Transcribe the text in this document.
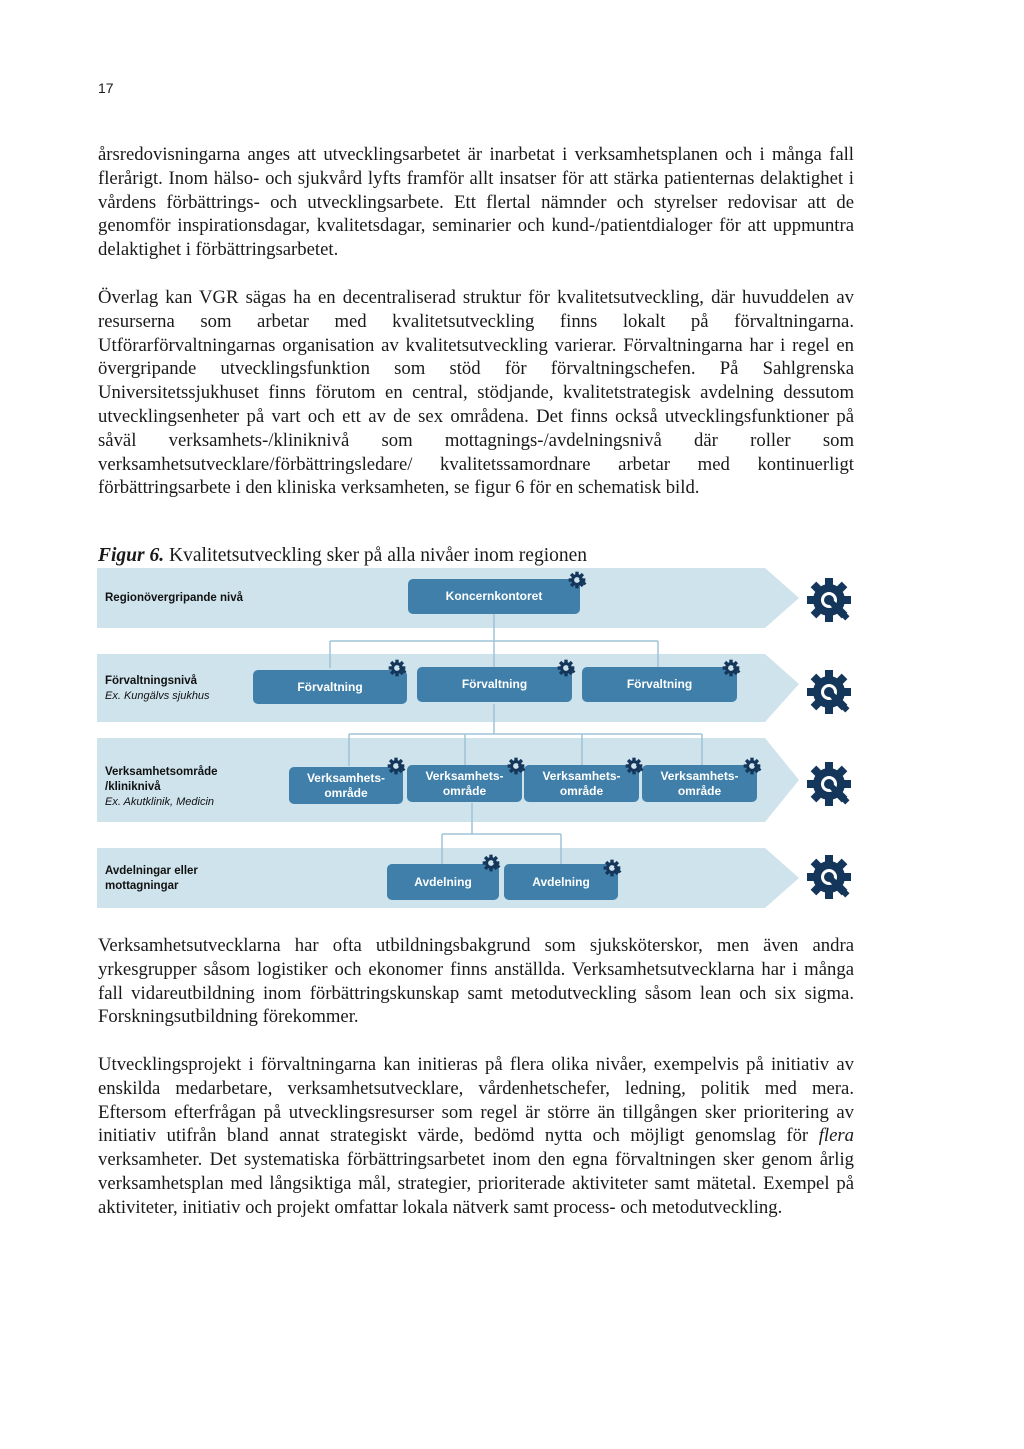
17

årsredovisningarna anges att utvecklingsarbetet är inarbetat i verksamhetsplanen och i många fall flerårigt. Inom hälso- och sjukvård lyfts framför allt insatser för att stärka patienternas delaktighet i vårdens förbättrings- och utvecklingsarbete. Ett flertal nämnder och styrelser redovisar att de genomför inspirationsdagar, kvalitetsdagar, seminarier och kund-/patientdialoger för att uppmuntra delaktighet i förbättringsarbetet.

Överlag kan VGR sägas ha en decentraliserad struktur för kvalitetsutveckling, där huvuddelen av resurserna som arbetar med kvalitetsutveckling finns lokalt på förvaltningarna. Utförarförvaltningarnas organisation av kvalitetsutveckling varierar. Förvaltningarna har i regel en övergripande utvecklingsfunktion som stöd för förvaltningschefen. På Sahlgrenska Universitetssjukhuset finns förutom en central, stödjande, kvalitetstrategisk avdelning dessutom utvecklingsenheter på vart och ett av de sex områdena. Det finns också utvecklingsfunktioner på såväl verksamhets-/kliniknivå som mottagnings-/avdelningsnivå där roller som verksamhetsutvecklare/förbättringsledare/ kvalitetssamordnare arbetar med kontinuerligt förbättringsarbete i den kliniska verksamheten, se figur 6 för en schematisk bild.

Figur 6. Kvalitetsutveckling sker på alla nivåer inom regionen

Regionövergripande nivå
Förvaltningsnivå
Ex. Kungälvs sjukhus
Verksamhetsområde
/kliniknivå
Ex. Akutklinik, Medicin
Avdelningar eller
mottagningar
Koncernkontoret
Förvaltning	Förvaltning	Förvaltning
Verksamhets-
område
Verksamhets-
område
Verksamhets-
område
Verksamhets-
område
Avdelning	Avdelning

Verksamhetsutvecklarna har ofta utbildningsbakgrund som sjuksköterskor, men även andra yrkesgrupper såsom logistiker och ekonomer finns anställda. Verksamhetsutvecklarna har i många fall vidareutbildning inom förbättringskunskap samt metodutveckling såsom lean och six sigma. Forskningsutbildning förekommer.

Utvecklingsprojekt i förvaltningarna kan initieras på flera olika nivåer, exempelvis på initiativ av enskilda medarbetare, verksamhetsutvecklare, vårdenhetschefer, ledning, politik med mera. Eftersom efterfrågan på utvecklingsresurser som regel är större än tillgången sker prioritering av initiativ utifrån bland annat strategiskt värde, bedömd nytta och möjligt genomslag för flera verksamheter. Det systematiska förbättringsarbetet inom den egna förvaltningen sker genom årlig verksamhetsplan med långsiktiga mål, strategier, prioriterade aktiviteter samt mätetal. Exempel på aktiviteter, initiativ och projekt omfattar lokala nätverk samt process- och metodutveckling.
